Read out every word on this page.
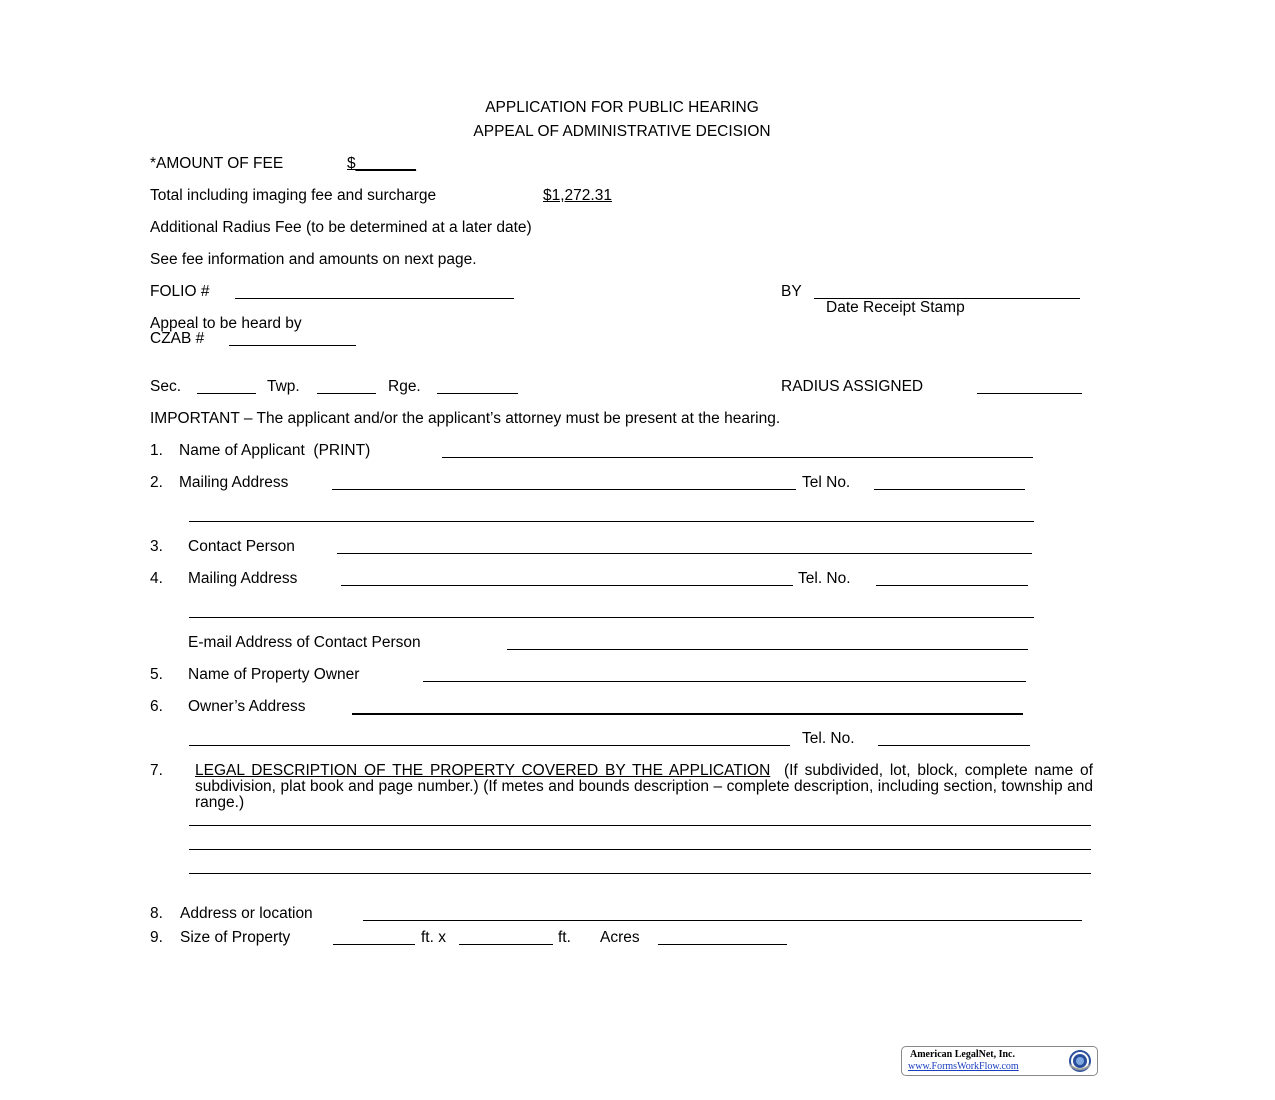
APPLICATION FOR PUBLIC HEARING
APPEAL OF ADMINISTRATIVE DECISION
*AMOUNT OF FEE	$_______
Total including imaging fee and surcharge	$1,272.31
Additional Radius Fee (to be determined at a later date)
See fee information and amounts on next page.
FOLIO #	BY
Date Receipt Stamp
Appeal to be heard by
CZAB #
Sec.	Twp.	Rge.	RADIUS ASSIGNED
IMPORTANT – The applicant and/or the applicant’s attorney must be present at the hearing.
1. Name of Applicant  (PRINT)
2. Mailing Address	Tel No.
3. Contact Person
4. Mailing Address	Tel. No.
E-mail Address of Contact Person
5. Name of Property Owner
6. Owner’s Address
Tel. No.
7. LEGAL DESCRIPTION OF THE PROPERTY COVERED BY THE APPLICATION (If subdivided, lot, block, complete name of subdivision, plat book and page number.) (If metes and bounds description – complete description, including section, township and range.)
8. Address or location
9. Size of Property	ft. x	ft. Acres
American LegalNet, Inc.
www.FormsWorkFlow.com
